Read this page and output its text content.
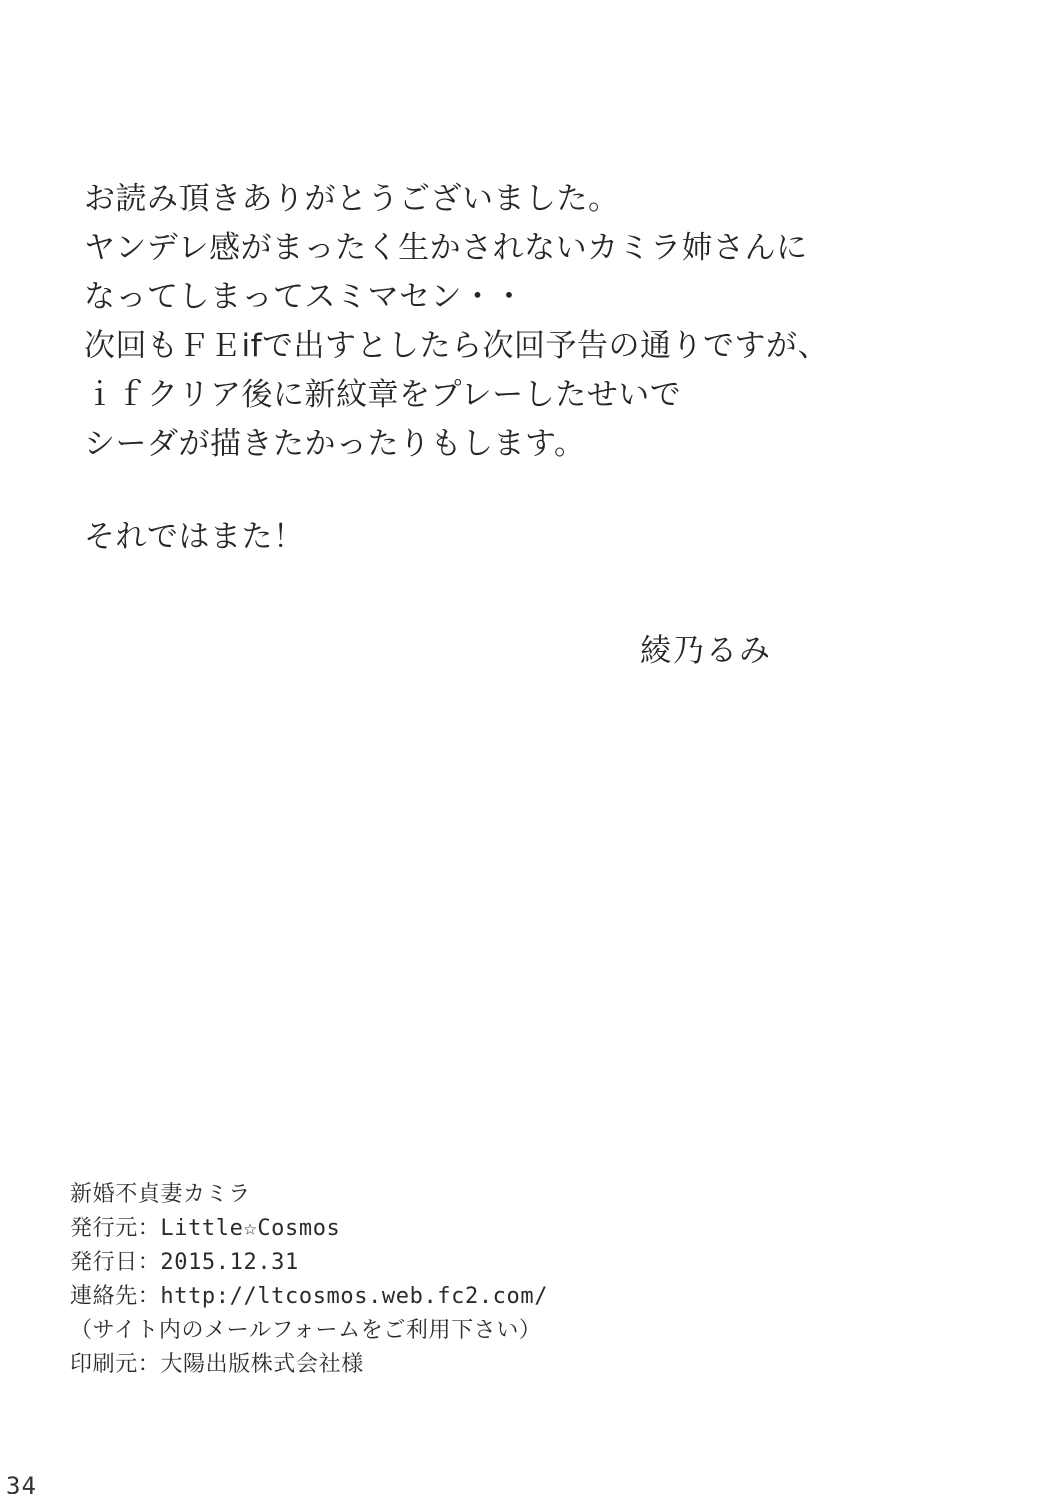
お読み頂きありがとうございました。
ヤンデレ感がまったく生かされないカミラ姉さんに
なってしまってスミマセン・・
次回もＦＥifで出すとしたら次回予告の通りですが、
ｉｆクリア後に新紋章をプレーしたせいで
シーダが描きたかったりもします。
それではまた！
綾乃るみ
新婚不貞妻カミラ
発行元：Little☆Cosmos
発行日：2015.12.31
連絡先：http://ltcosmos.web.fc2.com/
（サイト内のメールフォームをご利用下さい）
印刷元：大陽出版株式会社様
34
